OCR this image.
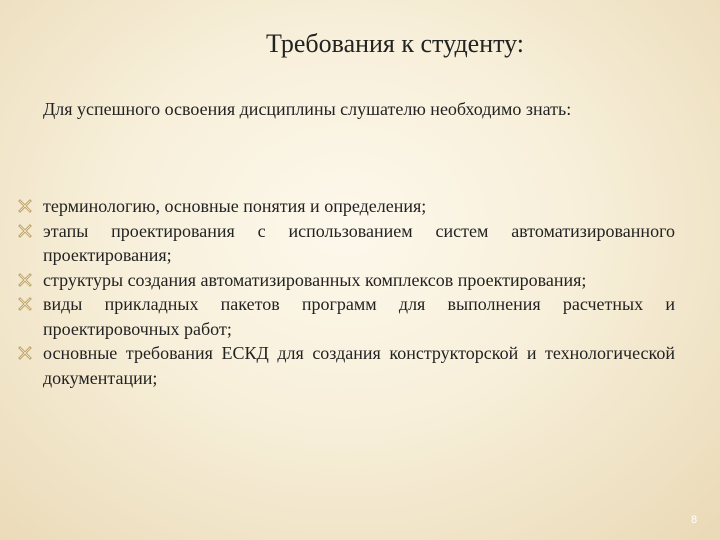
Требования к студенту:
Для успешного освоения дисциплины слушателю необходимо знать:
терминологию, основные понятия и определения;
этапы проектирования с использованием систем автоматизированного проектирования;
структуры создания автоматизированных комплексов проектирования;
виды прикладных пакетов программ для выполнения расчетных и проектировочных работ;
основные требования ЕСКД для создания конструкторской и технологической документации;
8
